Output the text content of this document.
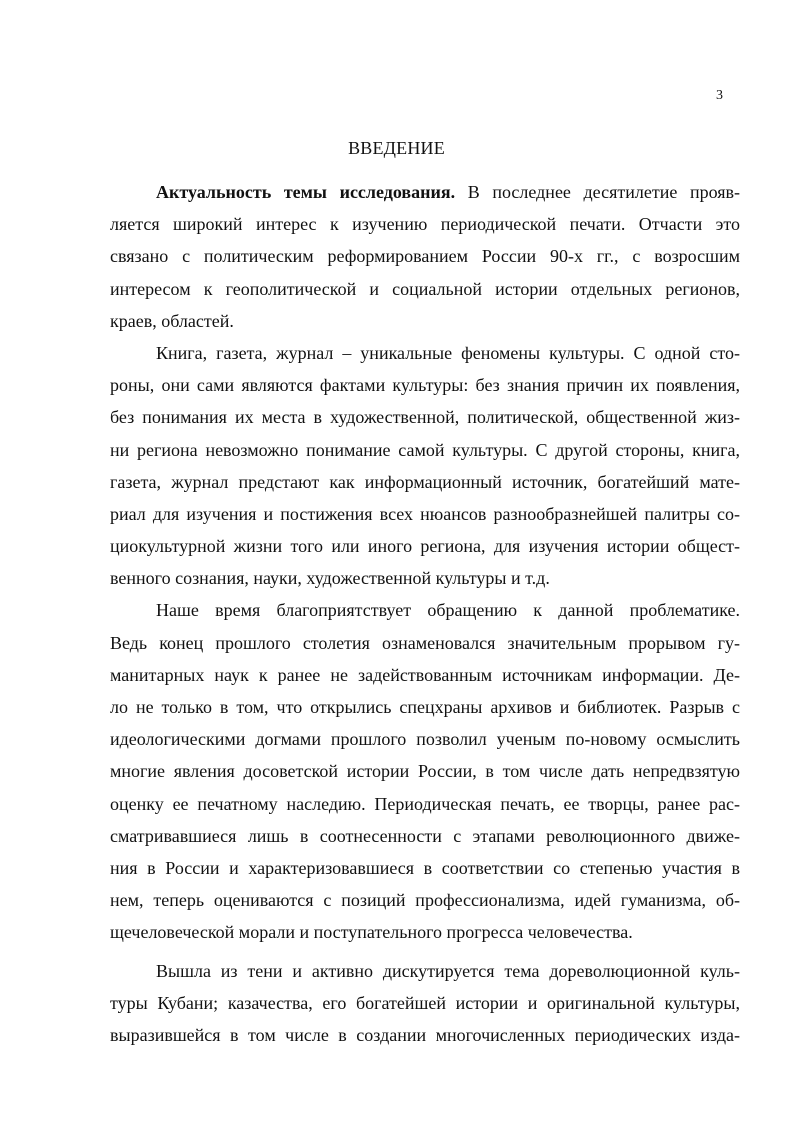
3
ВВЕДЕНИЕ
Актуальность темы исследования. В последнее десятилетие прояв-
ляется широкий интерес к изучению периодической печати. Отчасти это
связано с политическим реформированием России 90-х гг., с возросшим
интересом к геополитической и социальной истории отдельных регионов,
краев, областей.
Книга, газета, журнал – уникальные феномены культуры. С одной сто-
роны, они сами являются фактами культуры: без знания причин их появления,
без понимания их места в художественной, политической, общественной жиз-
ни региона невозможно понимание самой культуры. С другой стороны, книга,
газета, журнал предстают как информационный источник, богатейший мате-
риал для изучения и постижения всех нюансов разнообразнейшей палитры со-
циокультурной жизни того или иного региона, для изучения истории общест-
венного сознания, науки, художественной культуры и т.д.
Наше время благоприятствует обращению к данной проблематике.
Ведь конец прошлого столетия ознаменовался значительным прорывом гу-
манитарных наук к ранее не задействованным источникам информации. Де-
ло не только в том, что открылись спецхраны архивов и библиотек. Разрыв с
идеологическими догмами прошлого позволил ученым по-новому осмыслить
многие явления досоветской истории России, в том числе дать непредвзятую
оценку ее печатному наследию. Периодическая печать, ее творцы, ранее рас-
сматривавшиеся лишь в соотнесенности с этапами революционного движе-
ния в России и характеризовавшиеся в соответствии со степенью участия в
нем, теперь оцениваются с позиций профессионализма, идей гуманизма, об-
щечеловеческой морали и поступательного прогресса человечества.
Вышла из тени и активно дискутируется тема дореволюционной куль-
туры Кубани; казачества, его богатейшей истории и оригинальной культуры,
выразившейся в том числе в создании многочисленных периодических изда-
